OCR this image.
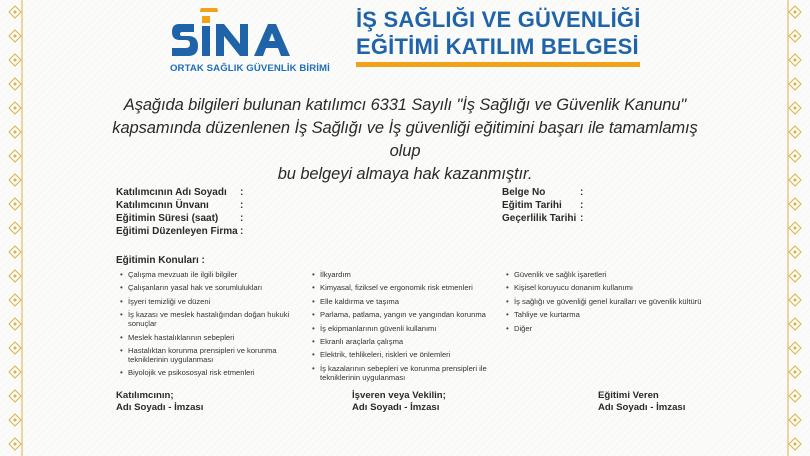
ORTAK SAĞLIK GÜVENLİK BİRİMİ
İŞ SAĞLIĞI VE GÜVENLİĞİ
EĞİTİMİ KATILIM BELGESİ
Aşağıda bilgileri bulunan katılımcı 6331 Sayılı "İş Sağlığı ve Güvenlik Kanunu"
kapsamında düzenlenen İş Sağlığı ve İş güvenliği eğitimini başarı ile tamamlamış olup
bu belgeyi almaya hak kazanmıştır.
Katılımcının Adı Soyadı :
Katılımcının Ünvanı	:
Eğitimin Süresi (saat) :
Eğitimi Düzenleyen Firma :
Belge No	:
Eğitim Tarihi :
Geçerlilik Tarihi :
Eğitimin Konuları :
• Çalışma mevzuatı ile ilgili bilgiler
• Çalışanların yasal hak ve sorumlulukları
• İşyeri temizliği ve düzeni
• İş kazası ve meslek hastalığından doğan hukuki sonuçlar
• Meslek hastalıklarının sebepleri
• Hastalıktan korunma prensipleri ve korunma tekniklerinin uygulanması
• Biyolojik ve psikososyal risk etmenleri
• İlkyardım
• Kimyasal, fiziksel ve ergonomik risk etmenleri
• Elle kaldırma ve taşıma
• Parlama, patlama, yangın ve yangından korunma
• İş ekipmanlarının güvenli kullanımı
• Ekranlı araçlarla çalışma
• Elektrik, tehlikeleri, riskleri ve önlemleri
• İş kazalarının sebepleri ve korunma prensipleri ile tekniklerinin uygulanması
• Güvenlik ve sağlık işaretleri
• Kişisel koruyucu donanım kullanımı
• İş sağlığı ve güvenliği genel kuralları ve güvenlik kültürü
• Tahliye ve kurtarma
• Diğer
Katılımcının;
Adı Soyadı - İmzası
İşveren veya Vekilin;
Adı Soyadı - İmzası
Eğitimi Veren
Adı Soyadı - İmzası
